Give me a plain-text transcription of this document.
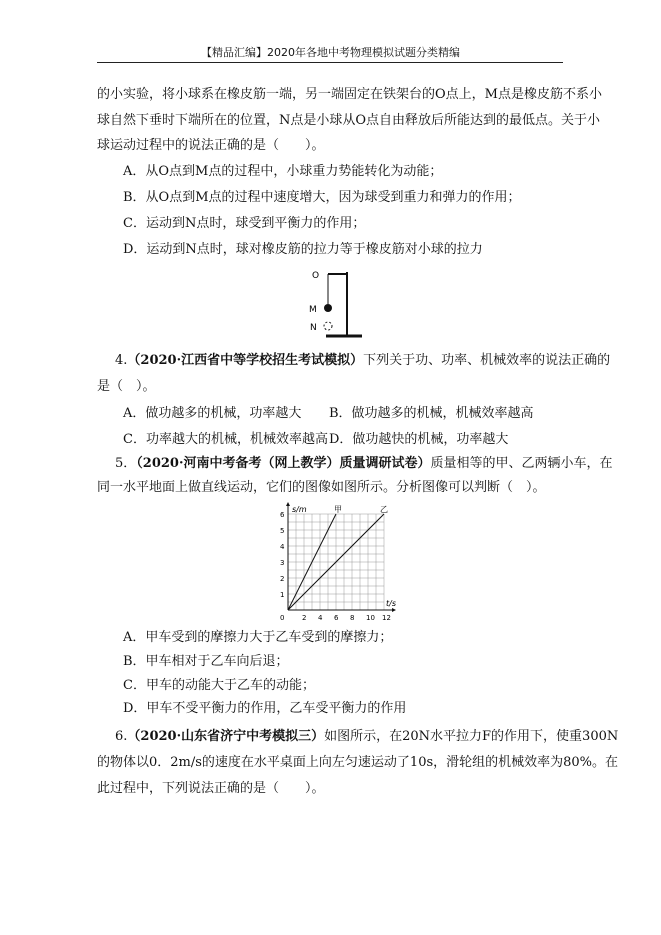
【精品汇编】2020年各地中考物理模拟试题分类精编
的小实验，将小球系在橡皮筋一端，另一端固定在铁架台的O点上，M点是橡皮筋不系小
球自然下垂时下端所在的位置，N点是小球从O点自由释放后所能达到的最低点。关于小
球运动过程中的说法正确的是（　　）。
A．从O点到M点的过程中，小球重力势能转化为动能；
B．从O点到M点的过程中速度增大，因为球受到重力和弹力的作用；
C．运动到N点时，球受到平衡力的作用；
D．运动到N点时，球对橡皮筋的拉力等于橡皮筋对小球的拉力
O
M
N
4.（2020·江西省中等学校招生考试模拟）下列关于功、功率、机械效率的说法正确的
是（　）。
A．做功越多的机械，功率越大 B．做功越多的机械，机械效率越高
C．功率越大的机械，机械效率越高 D．做功越快的机械，功率越大
5．（2020·河南中考备考（网上教学）质量调研试卷）质量相等的甲、乙两辆小车，在
同一水平地面上做直线运动，它们的图像如图所示。分析图像可以判断（　）。
甲	乙
0	2 4 6 8 10 12
1
2
3
4
5
6
s/m
t/s
A．甲车受到的摩擦力大于乙车受到的摩擦力；
B．甲车相对于乙车向后退；
C．甲车的动能大于乙车的动能；
D．甲车不受平衡力的作用，乙车受平衡力的作用
6.（2020·山东省济宁中考模拟三）如图所示，在20N水平拉力F的作用下，使重300N
的物体以0．2m/s的速度在水平桌面上向左匀速运动了10s，滑轮组的机械效率为80%。在
此过程中，下列说法正确的是（　　）。
